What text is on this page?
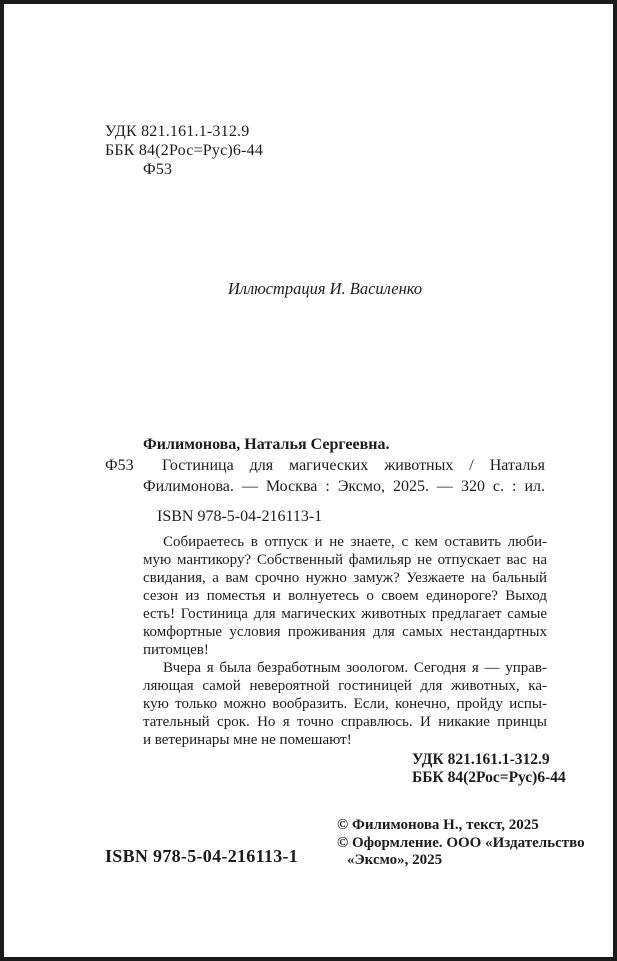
УДК 821.161.1-312.9
ББК 84(2Рос=Рус)6-44
Ф53
Иллюстрация И. Василенко
Филимонова, Наталья Сергеевна.
Ф53	Гостиница для магических животных / Наталья
Филимонова. — Москва : Эксмо, 2025. — 320 с. : ил.
ISBN 978-5-04-216113-1
Собираетесь в отпуск и не знаете, с кем оставить люби-
мую мантикору? Собственный фамильяр не отпускает вас на
свидания, а вам срочно нужно замуж? Уезжаете на бальный
сезон из поместья и волнуетесь о своем единороге? Выход
есть! Гостиница для магических животных предлагает самые
комфортные условия проживания для самых нестандартных
питомцев!
Вчера я была безработным зоологом. Сегодня я — управ-
ляющая самой невероятной гостиницей для животных, ка-
кую только можно вообразить. Если, конечно, пройду испы-
тательный срок. Но я точно справлюсь. И никакие принцы
и ветеринары мне не помешают!
УДК 821.161.1-312.9
ББК 84(2Рос=Рус)6-44
ISBN 978-5-04-216113-1
© Филимонова Н., текст, 2025
© Оформление. ООО «Издательство
«Эксмо», 2025
